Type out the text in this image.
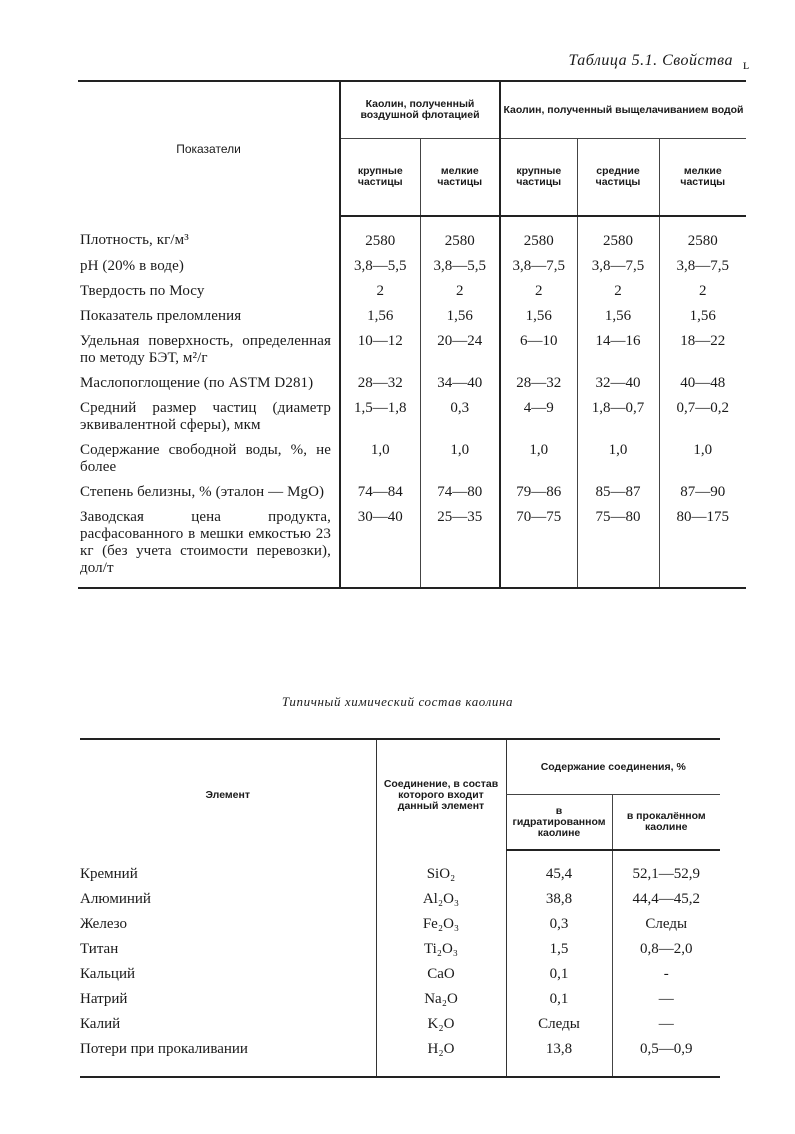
Таблица 5.1. Свойства ʟ
Показатели	Каолин, полученный воздушной флотацией		Каолин, полученный выщелачиванием водой		
	крупные частицы	мелкие частицы	крупные частицы	средние частицы	мелкие частицы
Плотность, кг/м³	2580	2580	2580	2580	2580
pH (20% в воде)	3,8—5,5	3,8—5,5	3,8—7,5	3,8—7,5	3,8—7,5
Твердость по Мосу	2	2	2	2	2
Показатель преломления	1,56	1,56	1,56	1,56	1,56
Удельная поверхность, определенная по методу БЭТ, м²/г	10—12	20—24	6—10	14—16	18—22
Маслопоглощение (по ASTM D281)	28—32	34—40	28—32	32—40	40—48
Средний размер частиц (диаметр эквивалентной сферы), мкм	1,5—1,8	0,3	4—9	1,8—0,7	0,7—0,2
Содержание свободной воды, %, не более	1,0	1,0	1,0	1,0	1,0
Степень белизны, % (эталон — MgO)	74—84	74—80	79—86	85—87	87—90
Заводская цена продукта, расфасованного в мешки емкостью 23 кг (без учета стоимости перевозки), дол/т	30—40	25—35	70—75	75—80	80—175
Типичный химический состав каолина
Элемент	Соединение, в состав которого входит данный элемент	Содержание соединения, %	
		в гидратированном каолине	в прокалённом каолине
Кремний	SiO₂	45,4	52,1—52,9
Алюминий	Al₂O₃	38,8	44,4—45,2
Железо	Fe₂O₃	0,3	Следы
Титан	Ti₂O₃	1,5	0,8—2,0
Кальций	CaO	0,1	-
Натрий	Na₂O	0,1	—
Калий	K₂O	Следы	—
Потери при прокаливании	H₂O	13,8	0,5—0,9
